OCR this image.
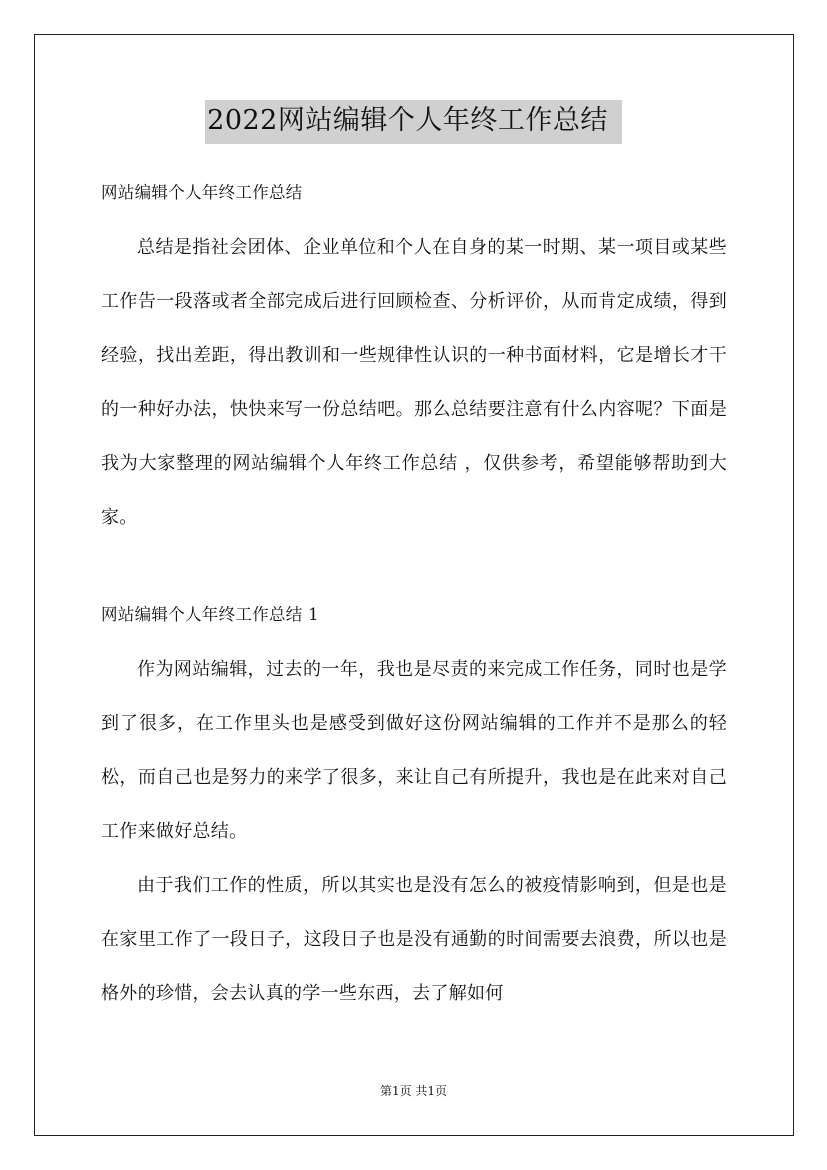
2022网站编辑个人年终工作总结

网站编辑个人年终工作总结

总结是指社会团体、企业单位和个人在自身的某一时期、某一项目或某些工作告一段落或者全部完成后进行回顾检查、分析评价，从而肯定成绩，得到经验，找出差距，得出教训和一些规律性认识的一种书面材料，它是增长才干的一种好办法，快快来写一份总结吧。那么总结要注意有什么内容呢？下面是我为大家整理的网站编辑个人年终工作总结 ，仅供参考，希望能够帮助到大家。

网站编辑个人年终工作总结 1

作为网站编辑，过去的一年，我也是尽责的来完成工作任务，同时也是学到了很多，在工作里头也是感受到做好这份网站编辑的工作并不是那么的轻松，而自己也是努力的来学了很多，来让自己有所提升，我也是在此来对自己工作来做好总结。

由于我们工作的性质，所以其实也是没有怎么的被疫情影响到，但是也是在家里工作了一段日子，这段日子也是没有通勤的时间需要去浪费，所以也是格外的珍惜，会去认真的学一些东西，去了解如何

第1页 共1页
